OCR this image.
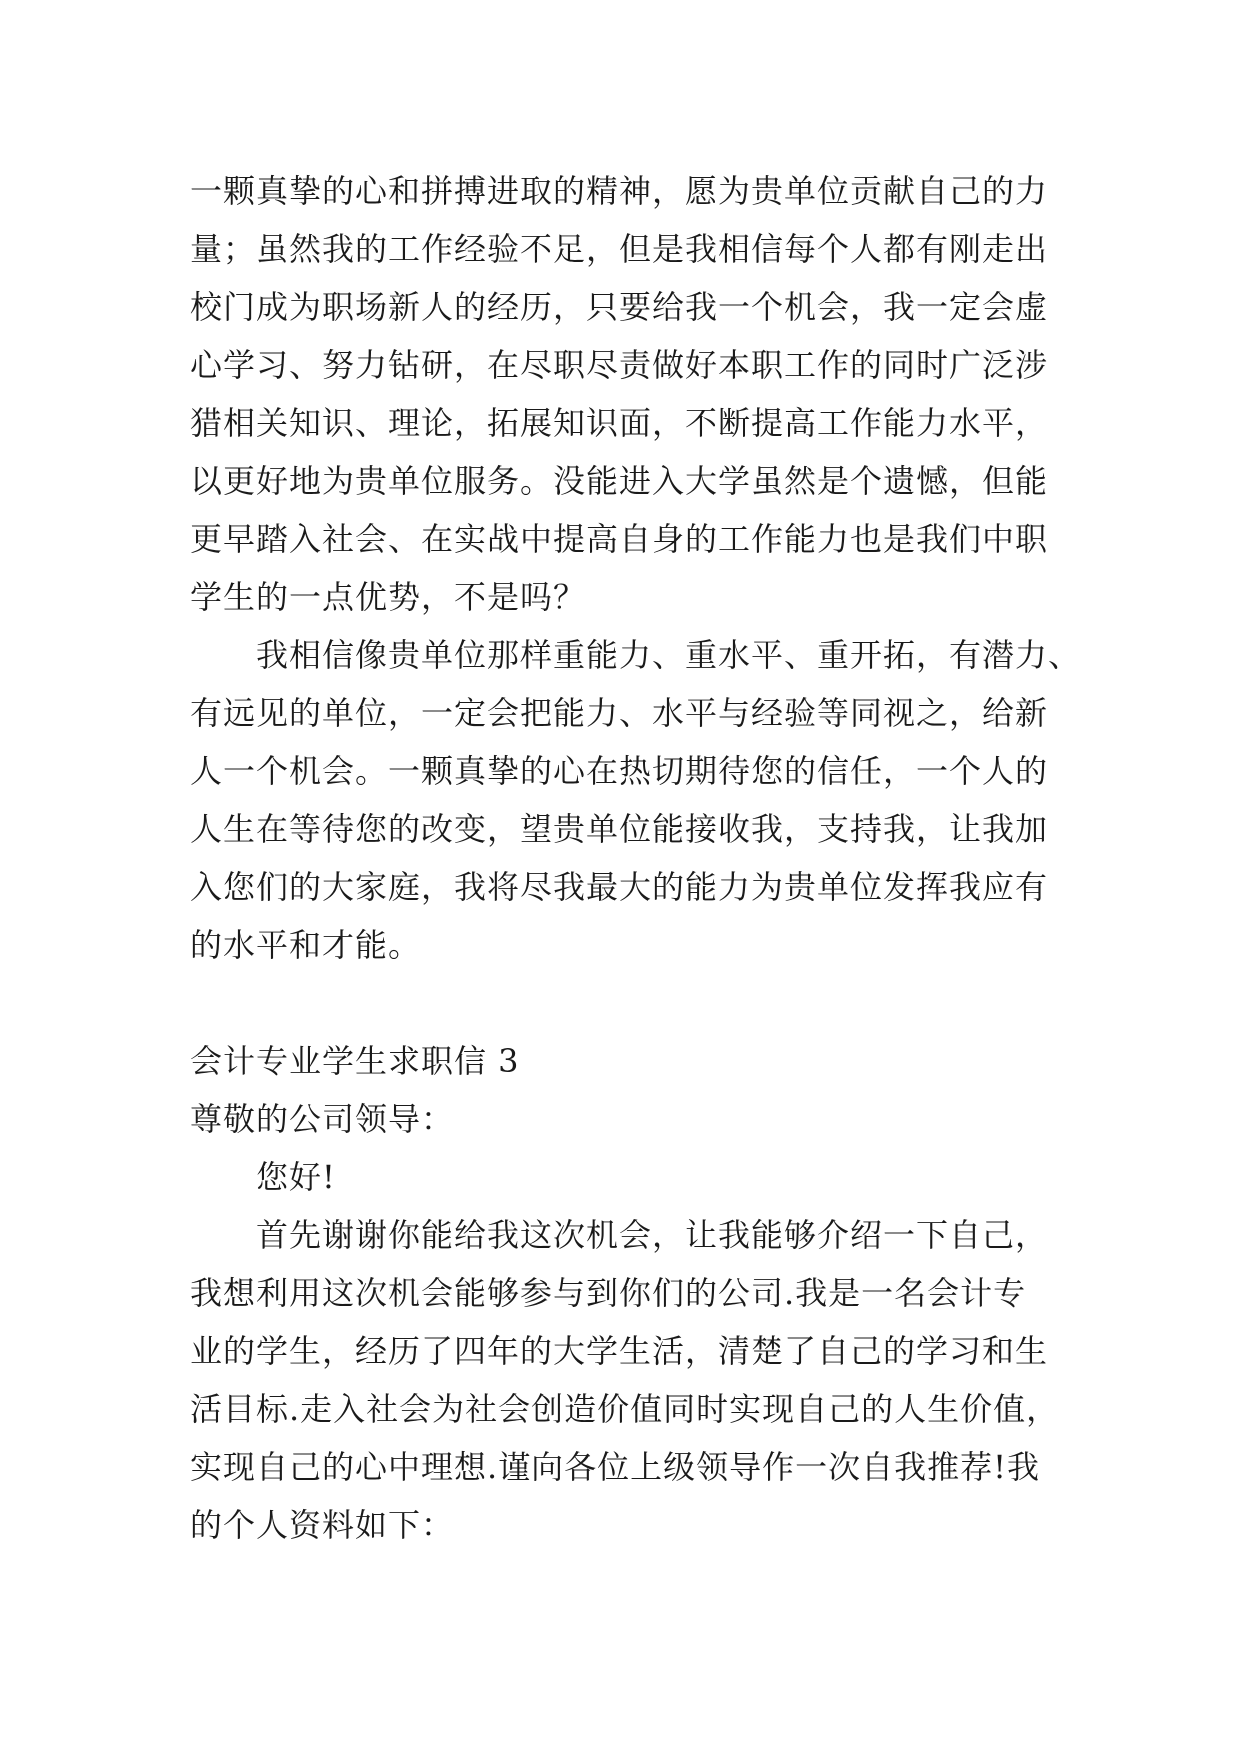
一颗真挚的心和拼搏进取的精神，愿为贵单位贡献自己的力
量；虽然我的工作经验不足，但是我相信每个人都有刚走出
校门成为职场新人的经历，只要给我一个机会，我一定会虚
心学习、努力钻研，在尽职尽责做好本职工作的同时广泛涉
猎相关知识、理论，拓展知识面，不断提高工作能力水平，
以更好地为贵单位服务。没能进入大学虽然是个遗憾，但能
更早踏入社会、在实战中提高自身的工作能力也是我们中职
学生的一点优势，不是吗？
我相信像贵单位那样重能力、重水平、重开拓，有潜力、
有远见的单位，一定会把能力、水平与经验等同视之，给新
人一个机会。一颗真挚的心在热切期待您的信任，一个人的
人生在等待您的改变，望贵单位能接收我，支持我，让我加
入您们的大家庭，我将尽我最大的能力为贵单位发挥我应有
的水平和才能。
会计专业学生求职信 3
尊敬的公司领导：
您好!
首先谢谢你能给我这次机会，让我能够介绍一下自己，
我想利用这次机会能够参与到你们的公司.我是一名会计专
业的学生，经历了四年的大学生活，清楚了自己的学习和生
活目标.走入社会为社会创造价值同时实现自己的人生价值，
实现自己的心中理想.谨向各位上级领导作一次自我推荐!我
的个人资料如下：
